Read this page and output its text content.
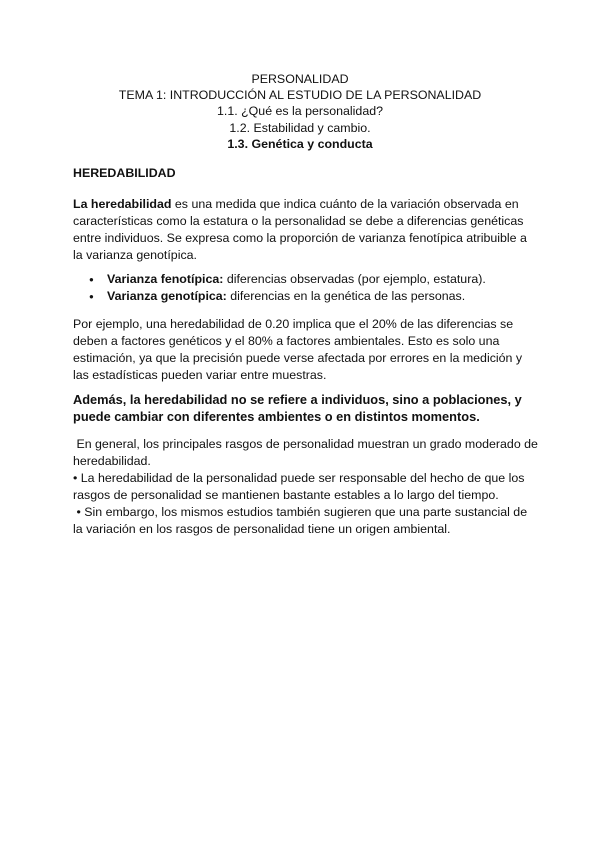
PERSONALIDAD
TEMA 1: INTRODUCCIÓN AL ESTUDIO DE LA PERSONALIDAD
1.1. ¿Qué es la personalidad?
1.2. Estabilidad y cambio.
1.3. Genética y conducta
HEREDABILIDAD
La heredabilidad es una medida que indica cuánto de la variación observada en
características como la estatura o la personalidad se debe a diferencias genéticas
entre individuos. Se expresa como la proporción de varianza fenotípica atribuible a
la varianza genotípica.
● Varianza fenotípica: diferencias observadas (por ejemplo, estatura).
● Varianza genotípica: diferencias en la genética de las personas.
Por ejemplo, una heredabilidad de 0.20 implica que el 20% de las diferencias se
deben a factores genéticos y el 80% a factores ambientales. Esto es solo una
estimación, ya que la precisión puede verse afectada por errores en la medición y
las estadísticas pueden variar entre muestras.
Además, la heredabilidad no se refiere a individuos, sino a poblaciones, y
puede cambiar con diferentes ambientes o en distintos momentos.
En general, los principales rasgos de personalidad muestran un grado moderado de
heredabilidad.
• La heredabilidad de la personalidad puede ser responsable del hecho de que los
rasgos de personalidad se mantienen bastante estables a lo largo del tiempo.
• Sin embargo, los mismos estudios también sugieren que una parte sustancial de
la variación en los rasgos de personalidad tiene un origen ambiental.
